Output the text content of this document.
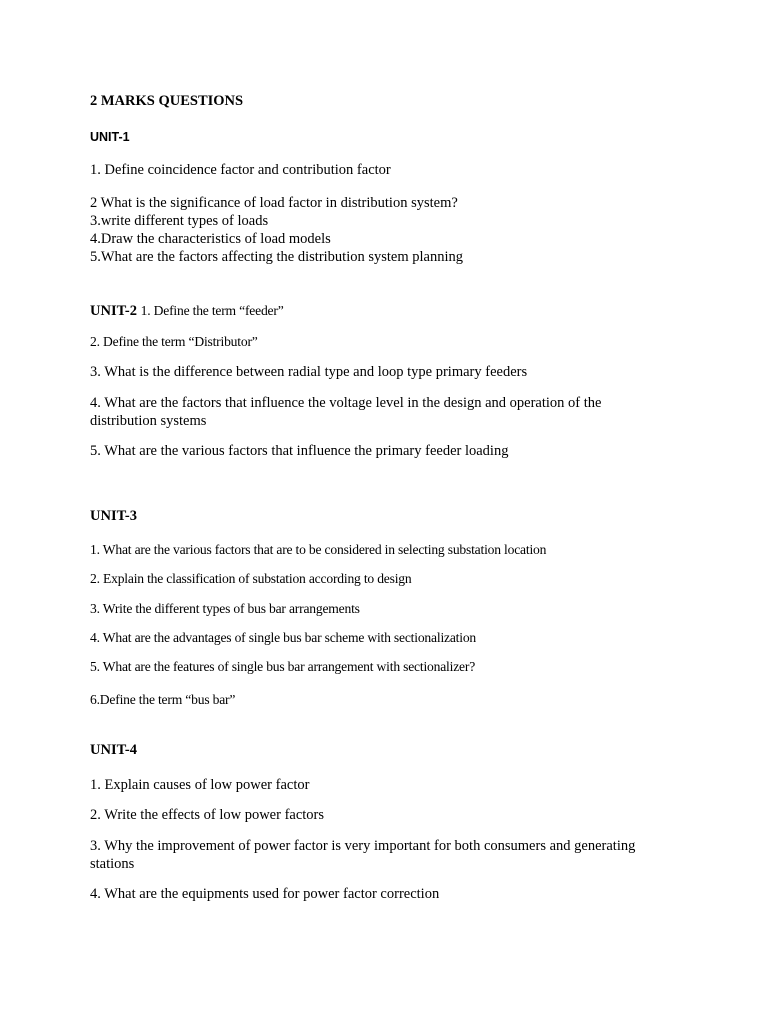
2 MARKS QUESTIONS
UNIT-1
1. Define coincidence factor and contribution factor
2 What is the significance of load factor in distribution system?
3.write different types of loads
4.Draw the characteristics of load models
5.What are the factors affecting the distribution system planning
UNIT-2 1. Define the term “feeder”
2. Define the term “Distributor”
3. What is the difference between radial type and loop type primary feeders
4. What are the factors that influence the voltage level in the design and operation of the
distribution systems
5. What are the various factors that influence the primary feeder loading
UNIT-3
1. What are the various factors that are to be considered in selecting substation location
2. Explain the classification of substation according to design
3. Write the different types of bus bar arrangements
4. What are the advantages of single bus bar scheme with sectionalization
5. What are the features of single bus bar arrangement with sectionalizer?
6.Define the term “bus bar”
UNIT-4
1. Explain causes of low power factor
2. Write the effects of low power factors
3. Why the improvement of power factor is very important for both consumers and generating
stations
4. What are the equipments used for power factor correction
